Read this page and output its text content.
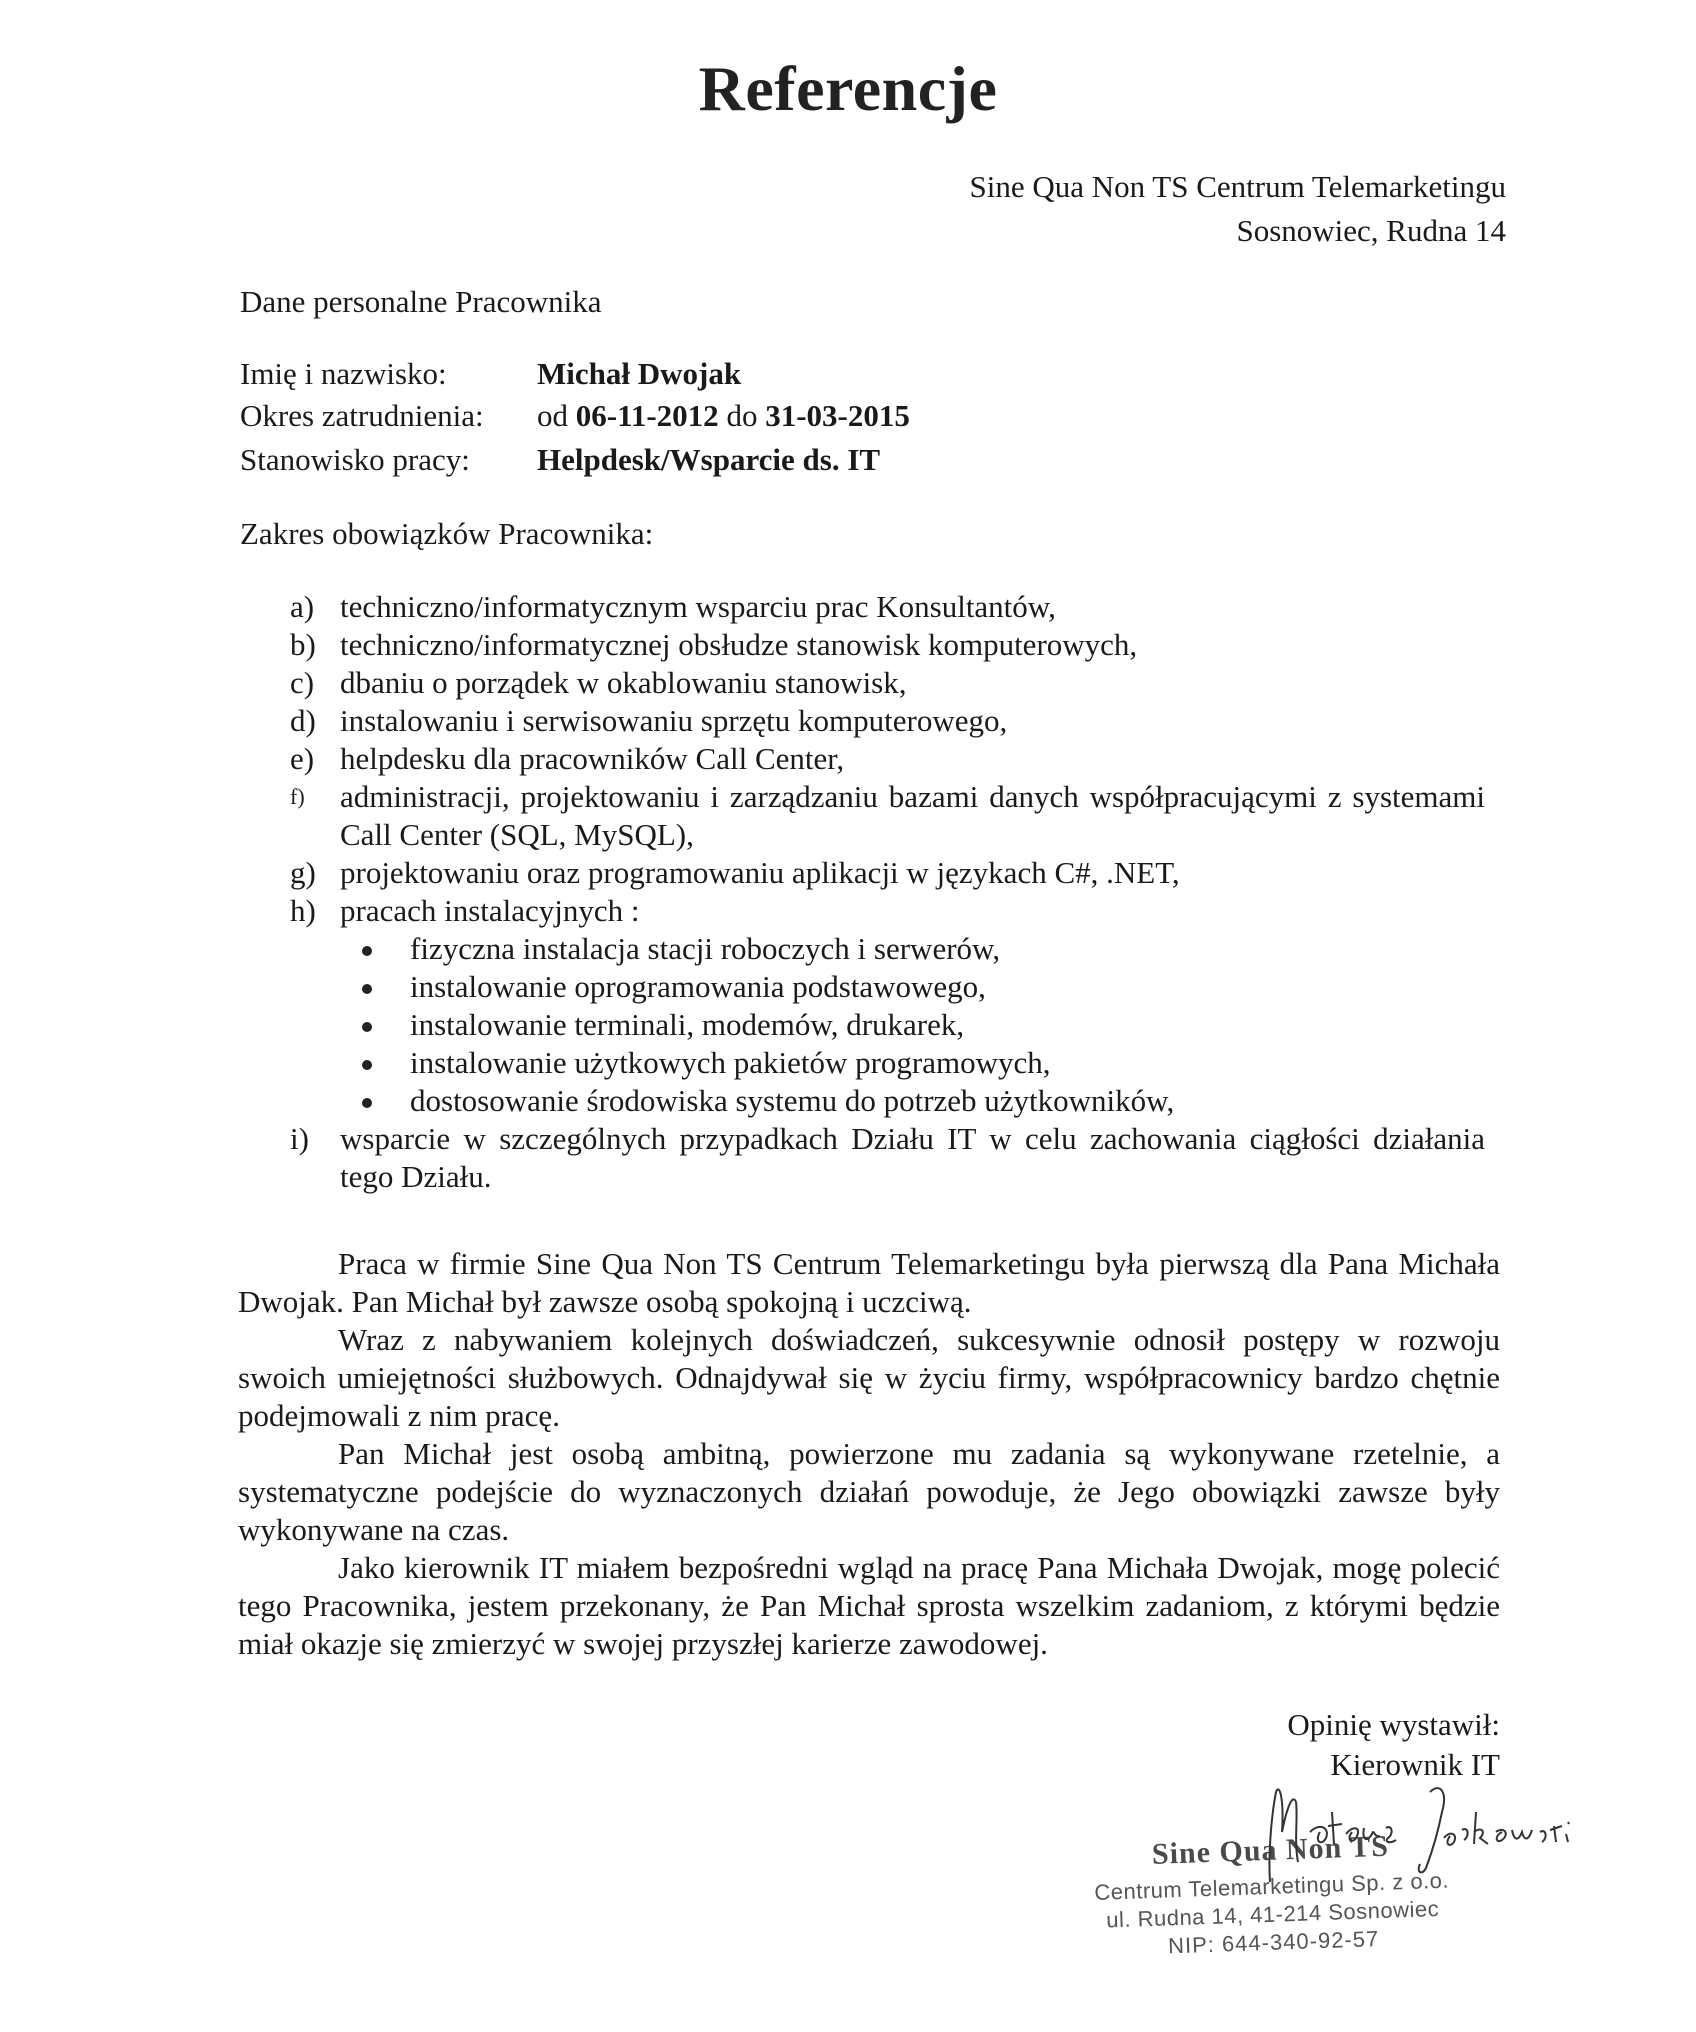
Referencje
Sine Qua Non TS Centrum Telemarketingu
Sosnowiec, Rudna 14
Dane personalne Pracownika
Imię i nazwisko:	Michał Dwojak
Okres zatrudnienia: od 06-11-2012 do 31-03-2015
Stanowisko pracy: Helpdesk/Wsparcie ds. IT
Zakres obowiązków Pracownika:
a) techniczno/informatycznym wsparciu prac Konsultantów,
b) techniczno/informatycznej obsłudze stanowisk komputerowych,
c) dbaniu o porządek w okablowaniu stanowisk,
d) instalowaniu i serwisowaniu sprzętu komputerowego,
e) helpdesku dla pracowników Call Center,
f) administracji, projektowaniu i zarządzaniu bazami danych współpracującymi z systemami Call Center (SQL, MySQL),
g) projektowaniu oraz programowaniu aplikacji w językach C#, .NET,
h) pracach instalacyjnych :
fizyczna instalacja stacji roboczych i serwerów,
instalowanie oprogramowania podstawowego,
instalowanie terminali, modemów, drukarek,
instalowanie użytkowych pakietów programowych,
dostosowanie środowiska systemu do potrzeb użytkowników,
i) wsparcie w szczególnych przypadkach Działu IT w celu zachowania ciągłości działania tego Działu.

Praca w firmie Sine Qua Non TS Centrum Telemarketingu była pierwszą dla Pana Michała Dwojak. Pan Michał był zawsze osobą spokojną i uczciwą.

Wraz z nabywaniem kolejnych doświadczeń, sukcesywnie odnosił postępy w rozwoju swoich umiejętności służbowych. Odnajdywał się w życiu firmy, współpracownicy bardzo chętnie podejmowali z nim pracę.

Pan Michał jest osobą ambitną, powierzone mu zadania są wykonywane rzetelnie, a systematyczne podejście do wyznaczonych działań powoduje, że Jego obowiązki zawsze były wykonywane na czas.

Jako kierownik IT miałem bezpośredni wgląd na pracę Pana Michała Dwojak, mogę polecić tego Pracownika, jestem przekonany, że Pan Michał sprosta wszelkim zadaniom, z którymi będzie miał okazje się zmierzyć w swojej przyszłej karierze zawodowej.

Opinię wystawił:
Kierownik IT
Sine Qua Non TS
Centrum Telemarketingu Sp. z o.o.
ul. Rudna 14, 41-214 Sosnowiec
NIP: 644-340-92-57
